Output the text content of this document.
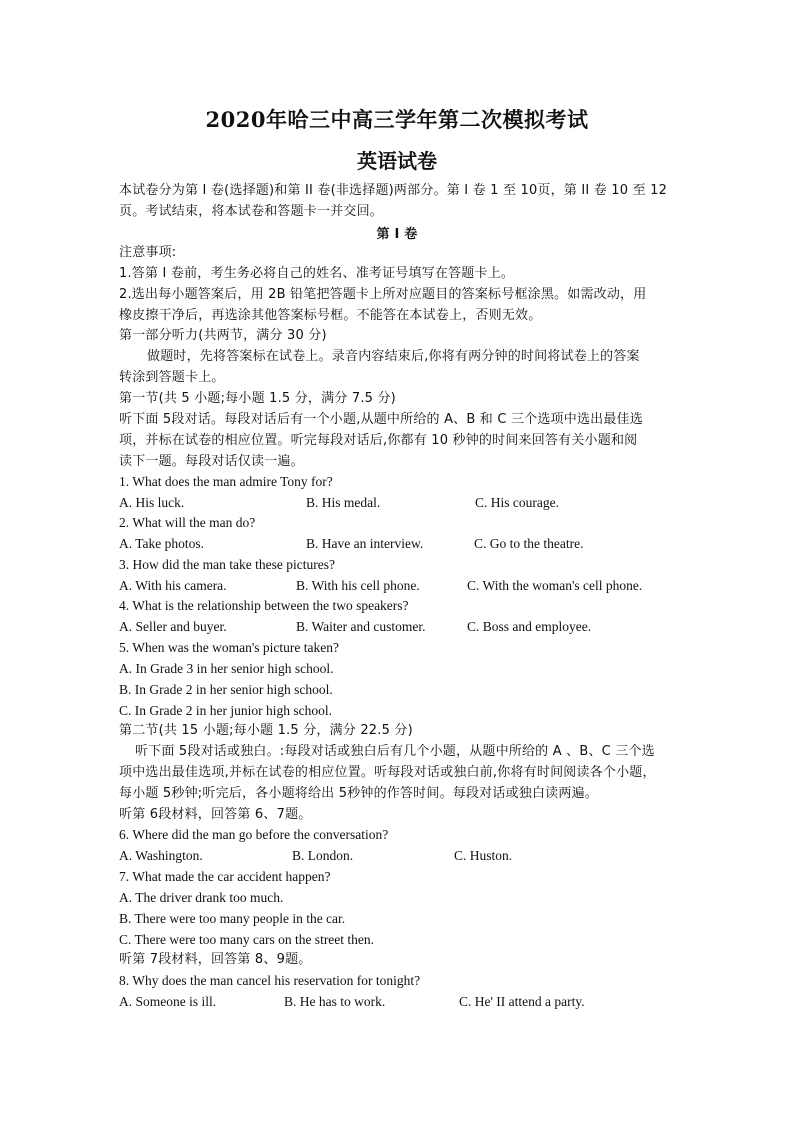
2020年哈三中高三学年第二次模拟考试
英语试卷
本试卷分为第 I 卷(选择题)和第 II 卷(非选择题)两部分。第 I 卷 1 至 10页，第 II 卷 10 至 12
页。考试结束，将本试卷和答题卡一并交回。
第 I 卷
注意事项:
1.答第 I 卷前，考生务必将自己的姓名、准考证号填写在答题卡上。
2.选出每小题答案后，用 2B 铅笔把答题卡上所对应题目的答案标号框涂黑。如需改动，用
橡皮擦干净后，再选涂其他答案标号框。不能答在本试卷上，否则无效。
第一部分听力(共两节，满分 30 分)
做题时，先将答案标在试卷上。录音内容结束后,你将有两分钟的时间将试卷上的答案
转涂到答题卡上。
第一节(共 5 小题;每小题 1.5 分，满分 7.5 分)
听下面 5段对话。每段对话后有一个小题,从题中所给的 A、B 和 C 三个选项中选出最佳选
项，并标在试卷的相应位置。听完每段对话后,你都有 10 秒钟的时间来回答有关小题和阅
读下一题。每段对话仅读一遍。
1. What does the man admire Tony for?
A. His luck.	B. His medal.	C. His courage.
2. What will the man do?
A. Take photos.	B. Have an interview.	C. Go to the theatre.
3. How did the man take these pictures?
A. With his camera.	B. With his cell phone.	C. With the woman's cell phone.
4. What is the relationship between the two speakers?
A. Seller and buyer.	B. Waiter and customer.	C. Boss and employee.
5. When was the woman's picture taken?
A. In Grade 3 in her senior high school.
B. In Grade 2 in her senior high school.
C. In Grade 2 in her junior high school.
第二节(共 15 小题;每小题 1.5 分，满分 22.5 分)
听下面 5段对话或独白。:每段对话或独白后有几个小题，从题中所给的 A 、B、C 三个选
项中选出最佳选项,并标在试卷的相应位置。听每段对话或独白前,你将有时间阅读各个小题，
每小题 5秒钟;听完后，各小题将给出 5秒钟的作答时间。每段对话或独白读两遍。
听第 6段材料，回答第 6、7题。
6. Where did the man go before the conversation?
A. Washington.	B. London.	C. Huston.
7. What made the car accident happen?
A. The driver drank too much.
B. There were too many people in the car.
C. There were too many cars on the street then.
听第 7段材料，回答第 8、9题。
8. Why does the man cancel his reservation for tonight?
A. Someone is ill.	B. He has to work.	C. He' II attend a party.
